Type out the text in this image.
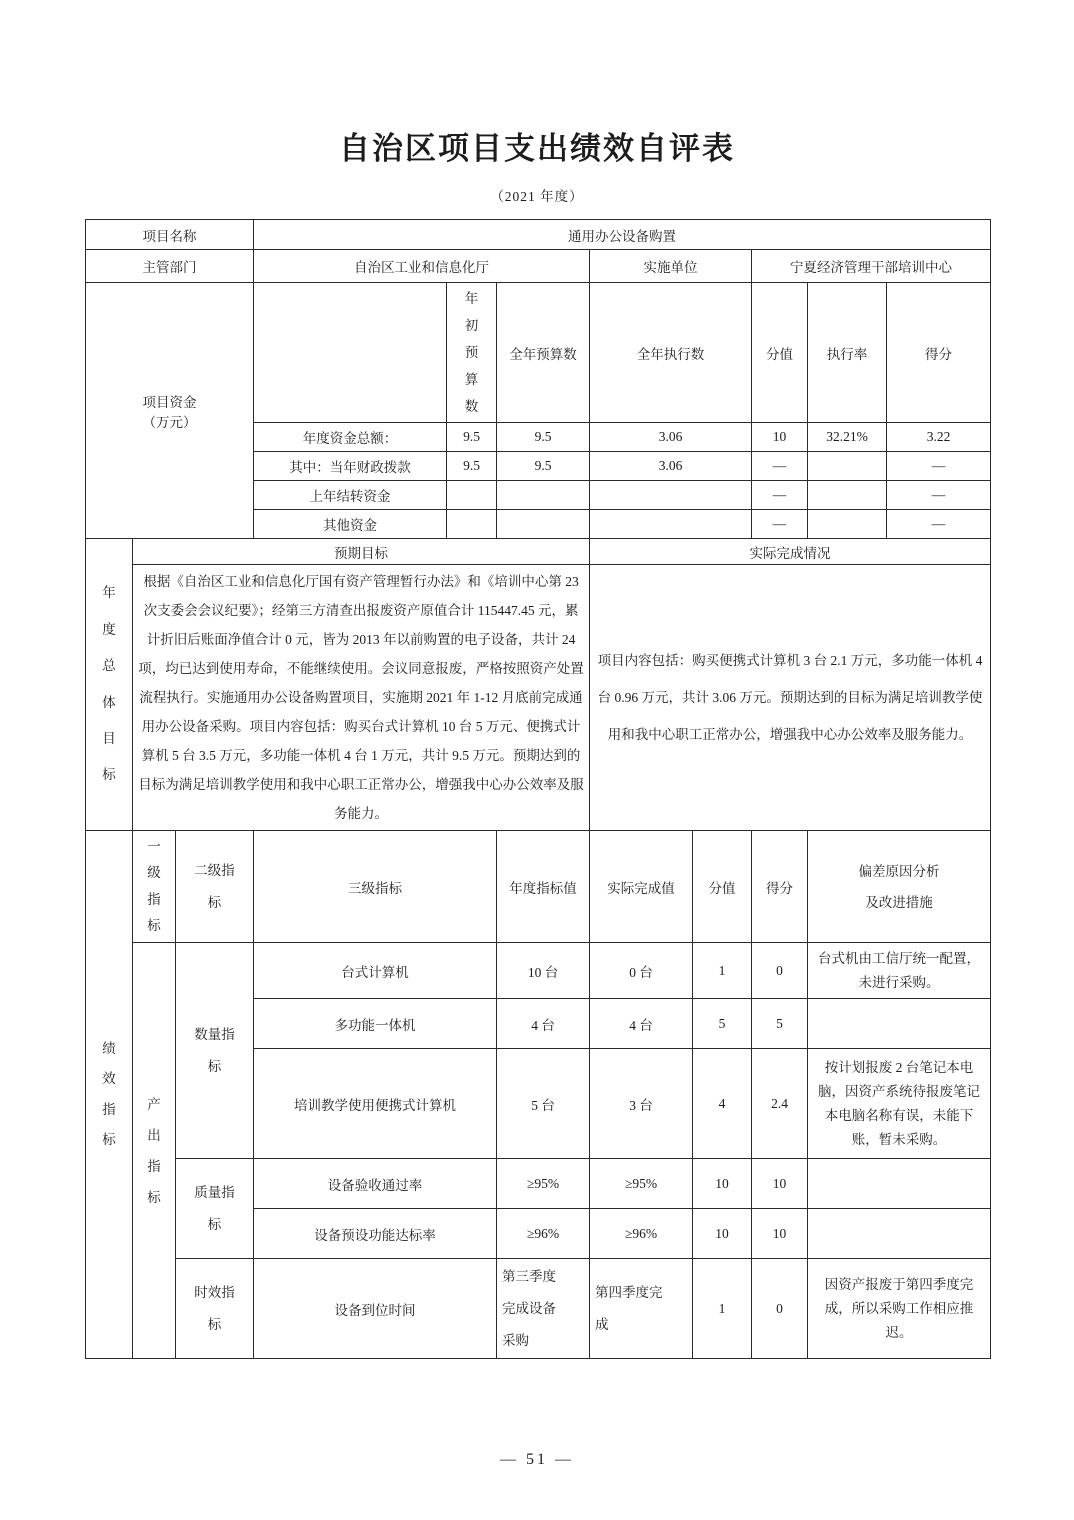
自治区项目支出绩效自评表
（2021 年度）
项目名称			通用办公设备购置							
主管部门			自治区工业和信息化厅			实施单位		宁夏经济管理干部培训中心		

项目资金
（万元）				年初预算数	全年预算数	全年执行数		分值	执行率	得分
			年度资金总额：	9.5	9.5	3.06		10	32.21%	3.22
			其中：当年财政拨款	9.5	9.5	3.06		—		—
			上年结转资金					—		—
			其他资金					—		—

年度总体目标	预期目标					实际完成情况				
	根据《自治区工业和信息化厅国有资产管理暂行办法》和《培训中心第 23 次支委会会议纪要》；经第三方清查出报废资产原值合计 115447.45 元，累计折旧后账面净值合计 0 元，皆为 2013 年以前购置的电子设备，共计 24 项，均已达到使用寿命，不能继续使用。会议同意报废，严格按照资产处置流程执行。实施通用办公设备购置项目，实施期 2021 年 1-12 月底前完成通用办公设备采购。项目内容包括：购买台式计算机 10 台 5 万元、便携式计算机 5 台 3.5 万元，多功能一体机 4 台 1 万元，共计 9.5 万元。预期达到的目标为满足培训教学使用和我中心职工正常办公，增强我中心办公效率及服务能力。					项目内容包括：购买便携式计算机 3 台 2.1 万元，多功能一体机 4 台 0.96 万元，共计 3.06 万元。预期达到的目标为满足培训教学使用和我中心职工正常办公，增强我中心办公效率及服务能力。				

绩效指标	一级指标	二级指标	三级指标		年度指标值	实际完成值	分值	得分	偏差原因分析及改进措施	

	产出指标	数量指标	台式计算机		10 台	0 台	1	0	台式机由工信厅统一配置，未进行采购。	
			多功能一体机		4 台	4 台	5	5		
			培训教学使用便携式计算机		5 台	3 台	4	2.4	按计划报废 2 台笔记本电脑，因资产系统待报废笔记本电脑名称有误，未能下账，暂未采购。	

		质量指标	设备验收通过率		≥95%	≥95%	10	10		
			设备预设功能达标率		≥96%	≥96%	10	10		

		时效指标	设备到位时间		第三季度完成设备采购	第四季度完成	1	0	因资产报废于第四季度完成，所以采购工作相应推迟。	
— 51 —
